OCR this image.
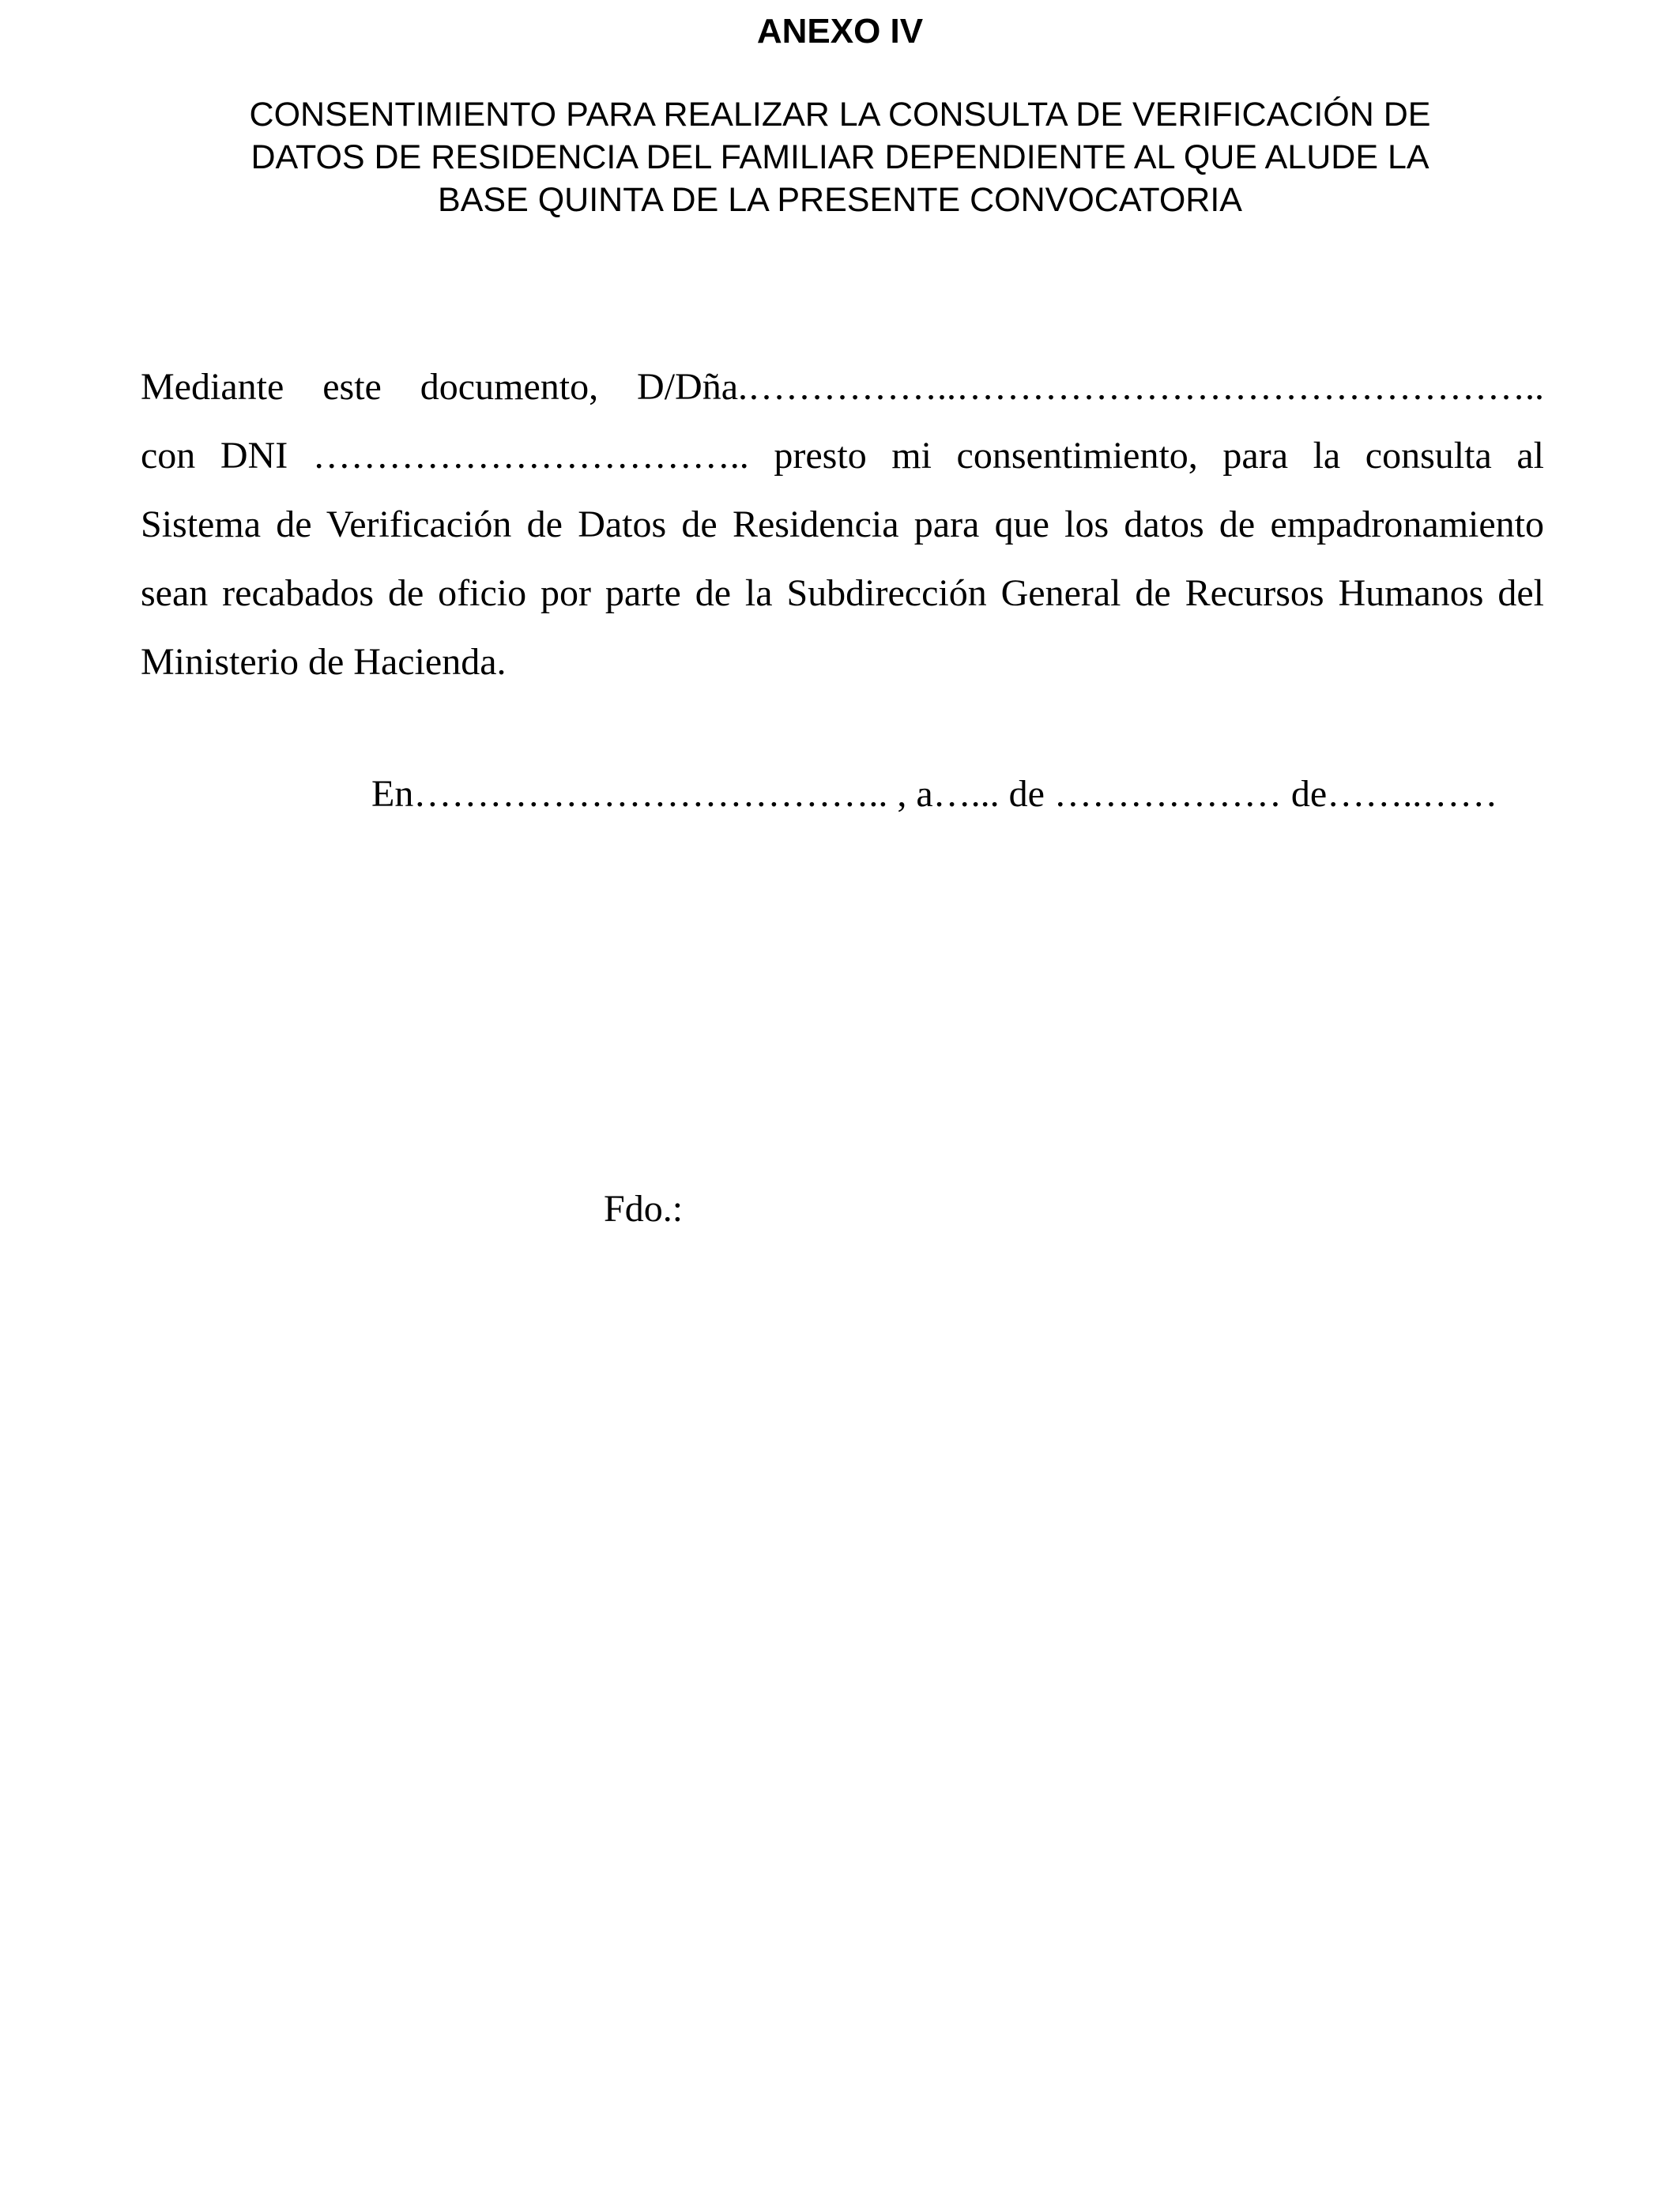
ANEXO IV
CONSENTIMIENTO PARA REALIZAR LA CONSULTA DE VERIFICACIÓN DE
DATOS DE RESIDENCIA DEL FAMILIAR DEPENDIENTE AL QUE ALUDE LA
BASE QUINTA DE LA PRESENTE CONVOCATORIA
Mediante este documento, D/Dña.……………..………………………………………..
con DNI …………………………….. presto mi consentimiento, para la consulta al
Sistema de Verificación de Datos de Residencia para que los datos de empadronamiento
sean recabados de oficio por parte de la Subdirección General de Recursos Humanos del
Ministerio de Hacienda.
En……………………………….. , a…... de ……………… de……..……
Fdo.:
